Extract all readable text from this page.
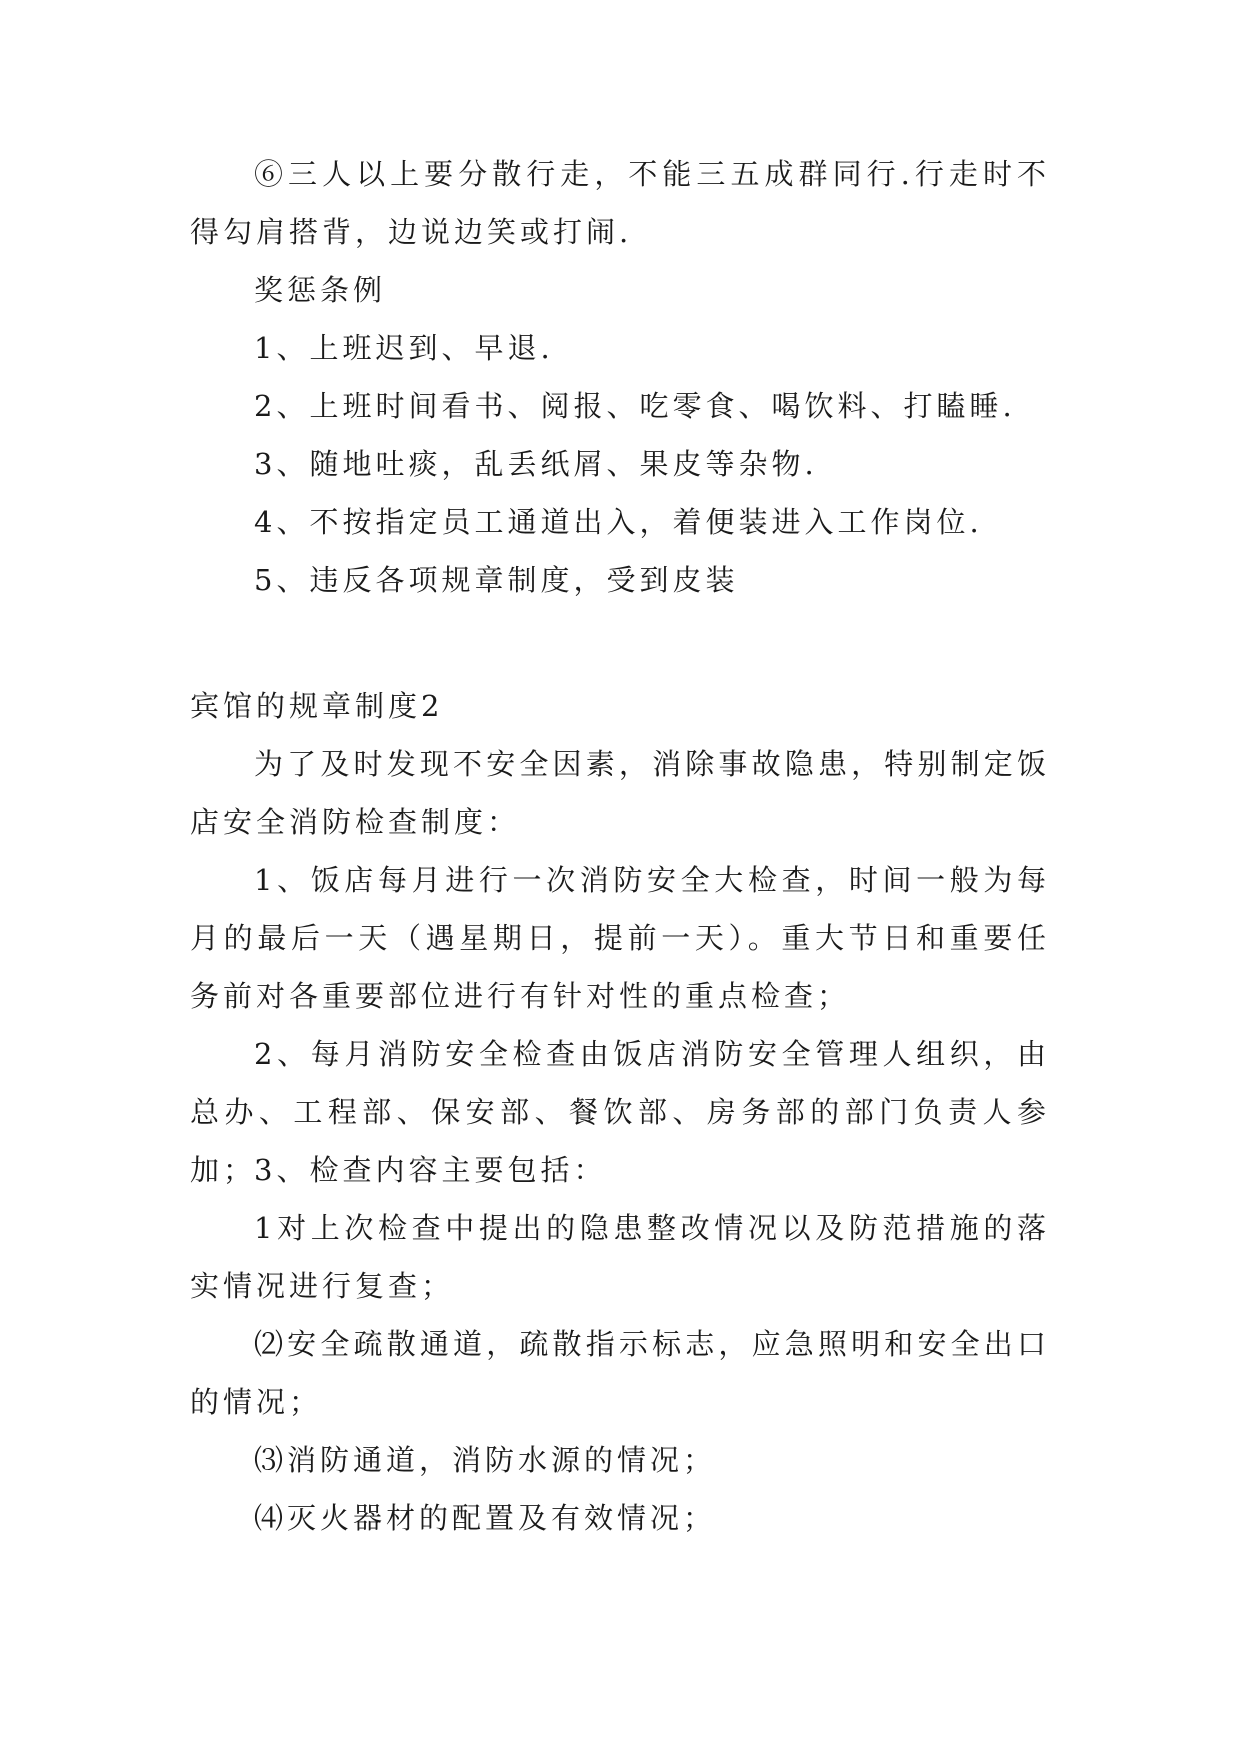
⑥三人以上要分散行走，不能三五成群同行.行走时不得勾肩搭背，边说边笑或打闹.

奖惩条例

1、上班迟到、早退.

2、上班时间看书、阅报、吃零食、喝饮料、打瞌睡.

3、随地吐痰，乱丢纸屑、果皮等杂物.

4、不按指定员工通道出入，着便装进入工作岗位.

5、违反各项规章制度，受到皮装

宾馆的规章制度2

为了及时发现不安全因素，消除事故隐患，特别制定饭店安全消防检查制度：

1、饭店每月进行一次消防安全大检查，时间一般为每月的最后一天（遇星期日，提前一天）。重大节日和重要任务前对各重要部位进行有针对性的重点检查；

2、每月消防安全检查由饭店消防安全管理人组织，由总办、工程部、保安部、餐饮部、房务部的部门负责人参加；

3、检查内容主要包括：

1对上次检查中提出的隐患整改情况以及防范措施的落实情况进行复查；

⑵安全疏散通道，疏散指示标志，应急照明和安全出口的情况；

⑶消防通道，消防水源的情况；

⑷灭火器材的配置及有效情况；
